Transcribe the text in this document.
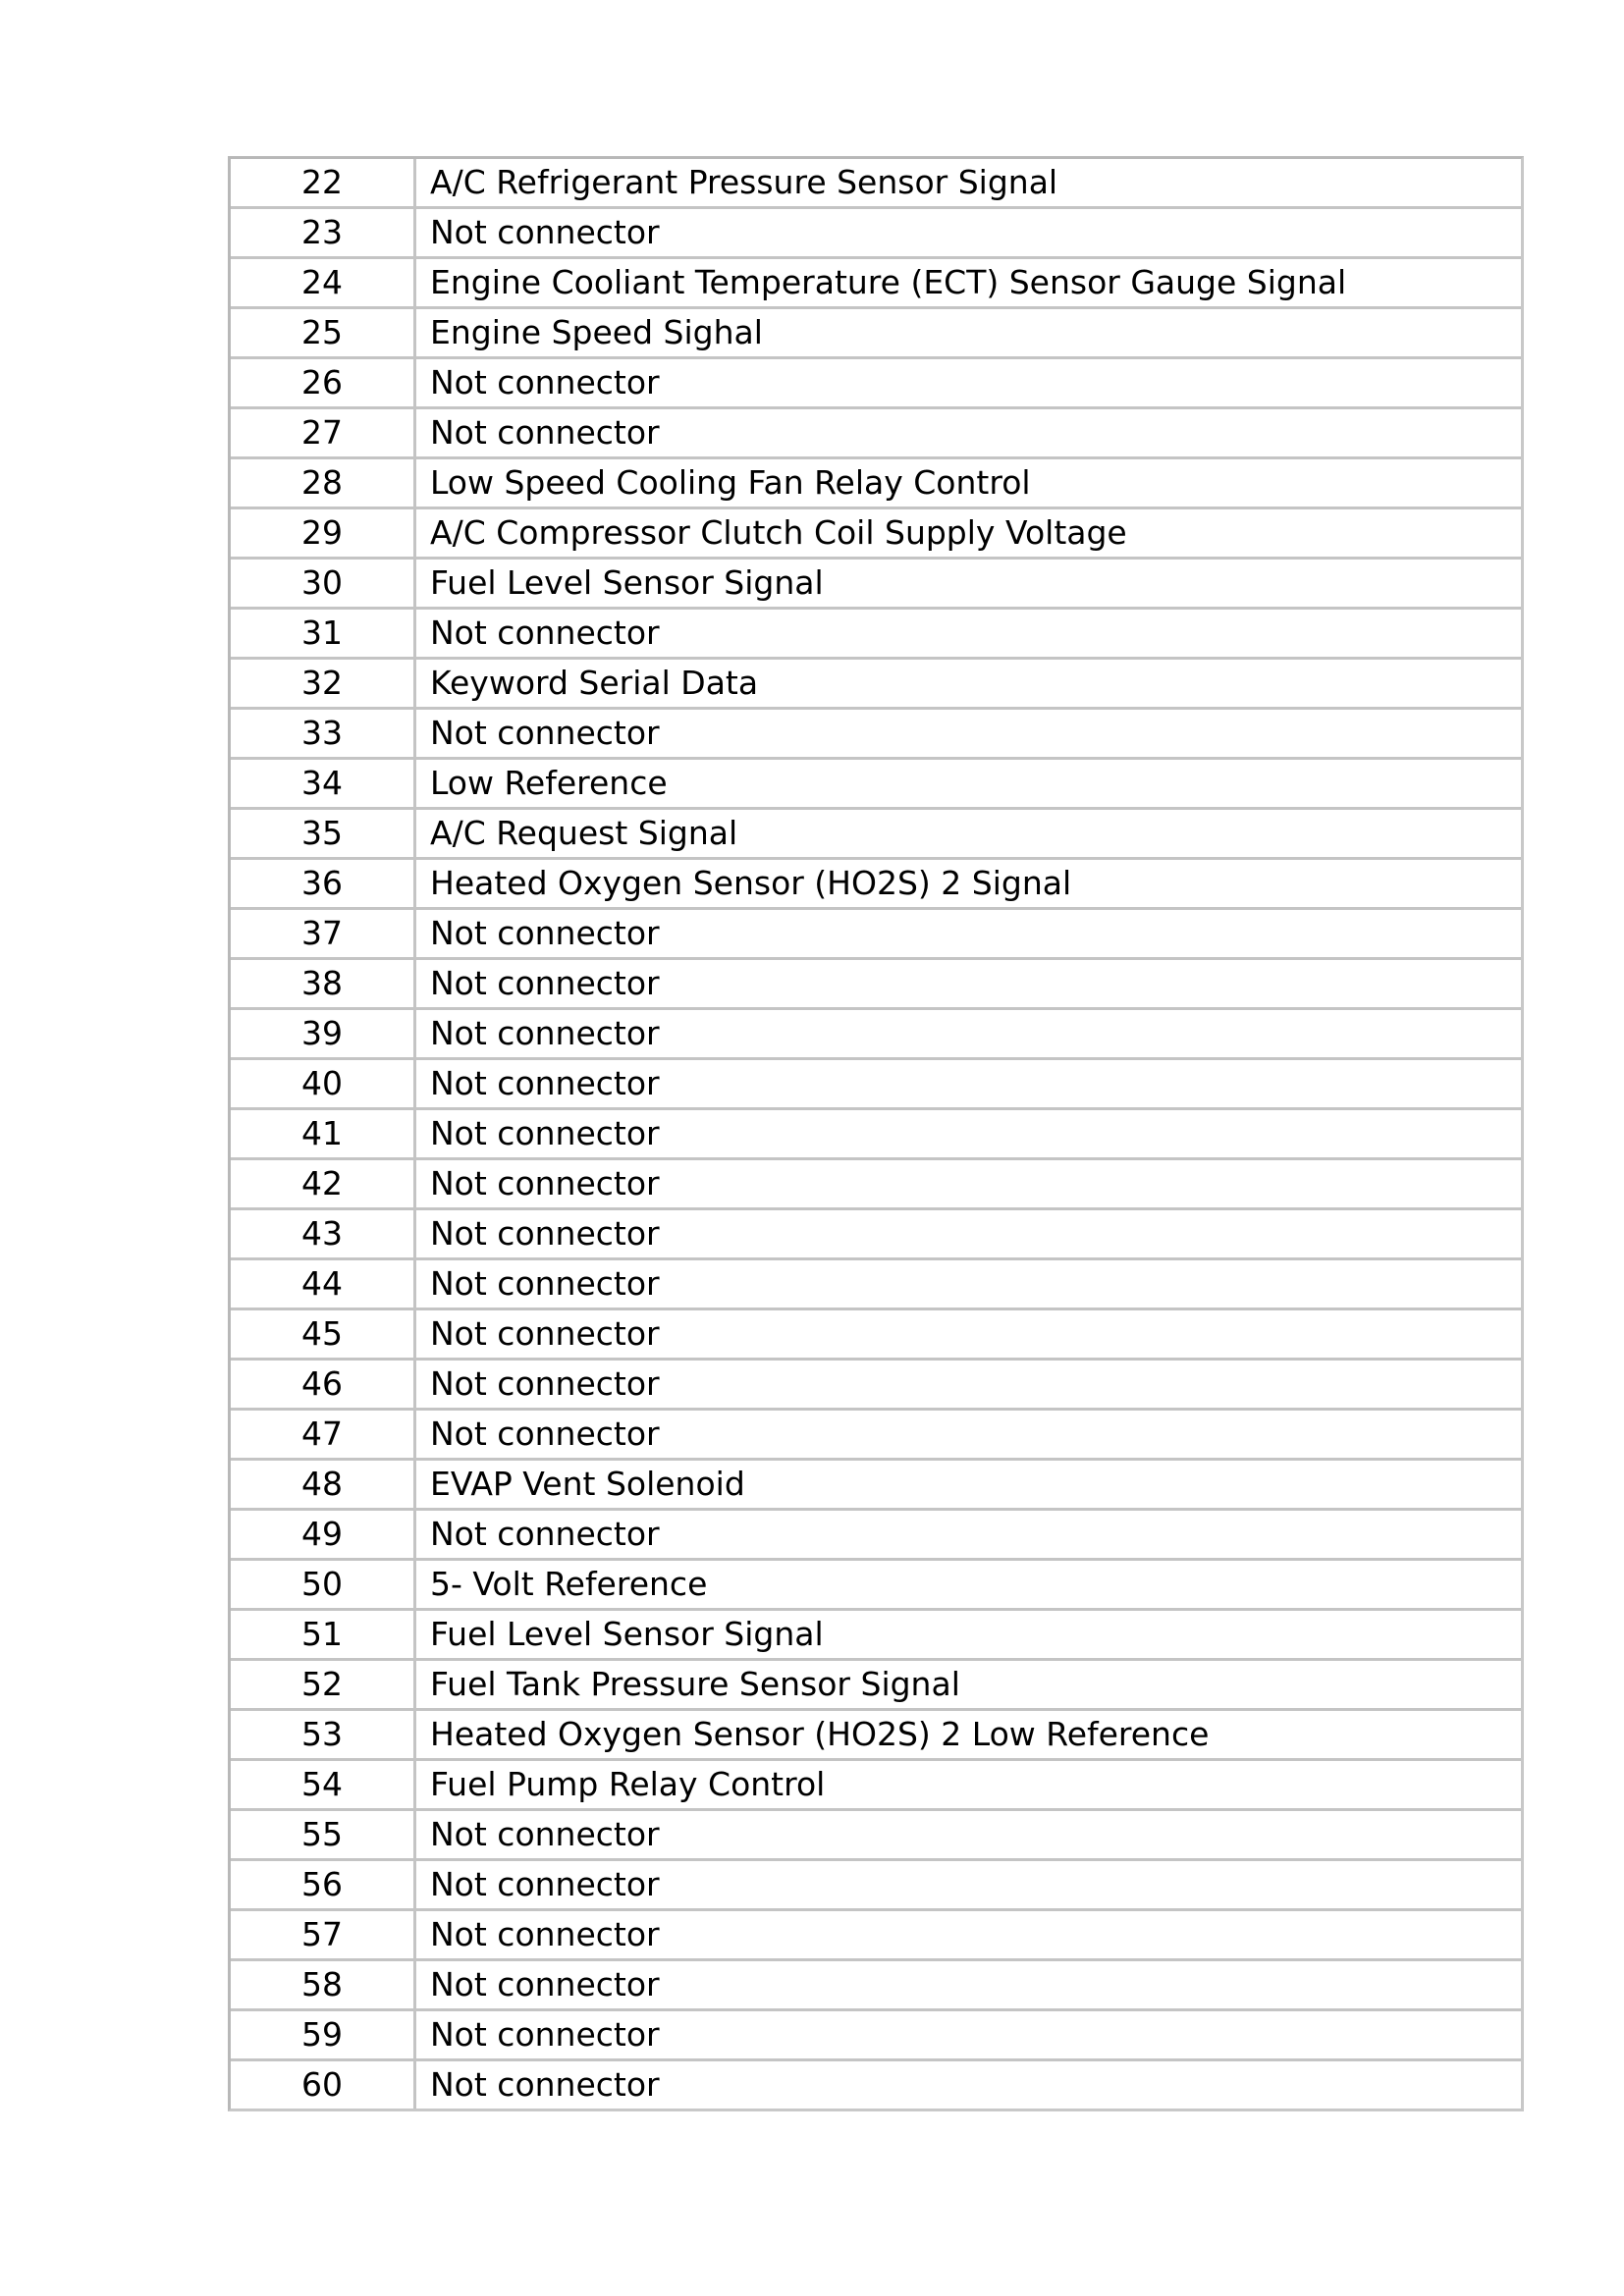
22	A/C Refrigerant Pressure Sensor Signal
23	Not connector
24	Engine Cooliant Temperature (ECT) Sensor Gauge Signal
25	Engine Speed Sighal
26	Not connector
27	Not connector
28	Low Speed Cooling Fan Relay Control
29	A/C Compressor Clutch Coil Supply Voltage
30	Fuel Level Sensor Signal
31	Not connector
32	Keyword Serial Data
33	Not connector
34	Low Reference
35	A/C Request Signal
36	Heated Oxygen Sensor (HO2S) 2 Signal
37	Not connector
38	Not connector
39	Not connector
40	Not connector
41	Not connector
42	Not connector
43	Not connector
44	Not connector
45	Not connector
46	Not connector
47	Not connector
48	EVAP Vent Solenoid
49	Not connector
50	5- Volt Reference
51	Fuel Level Sensor Signal
52	Fuel Tank Pressure Sensor Signal
53	Heated Oxygen Sensor (HO2S) 2 Low Reference
54	Fuel Pump Relay Control
55	Not connector
56	Not connector
57	Not connector
58	Not connector
59	Not connector
60	Not connector
